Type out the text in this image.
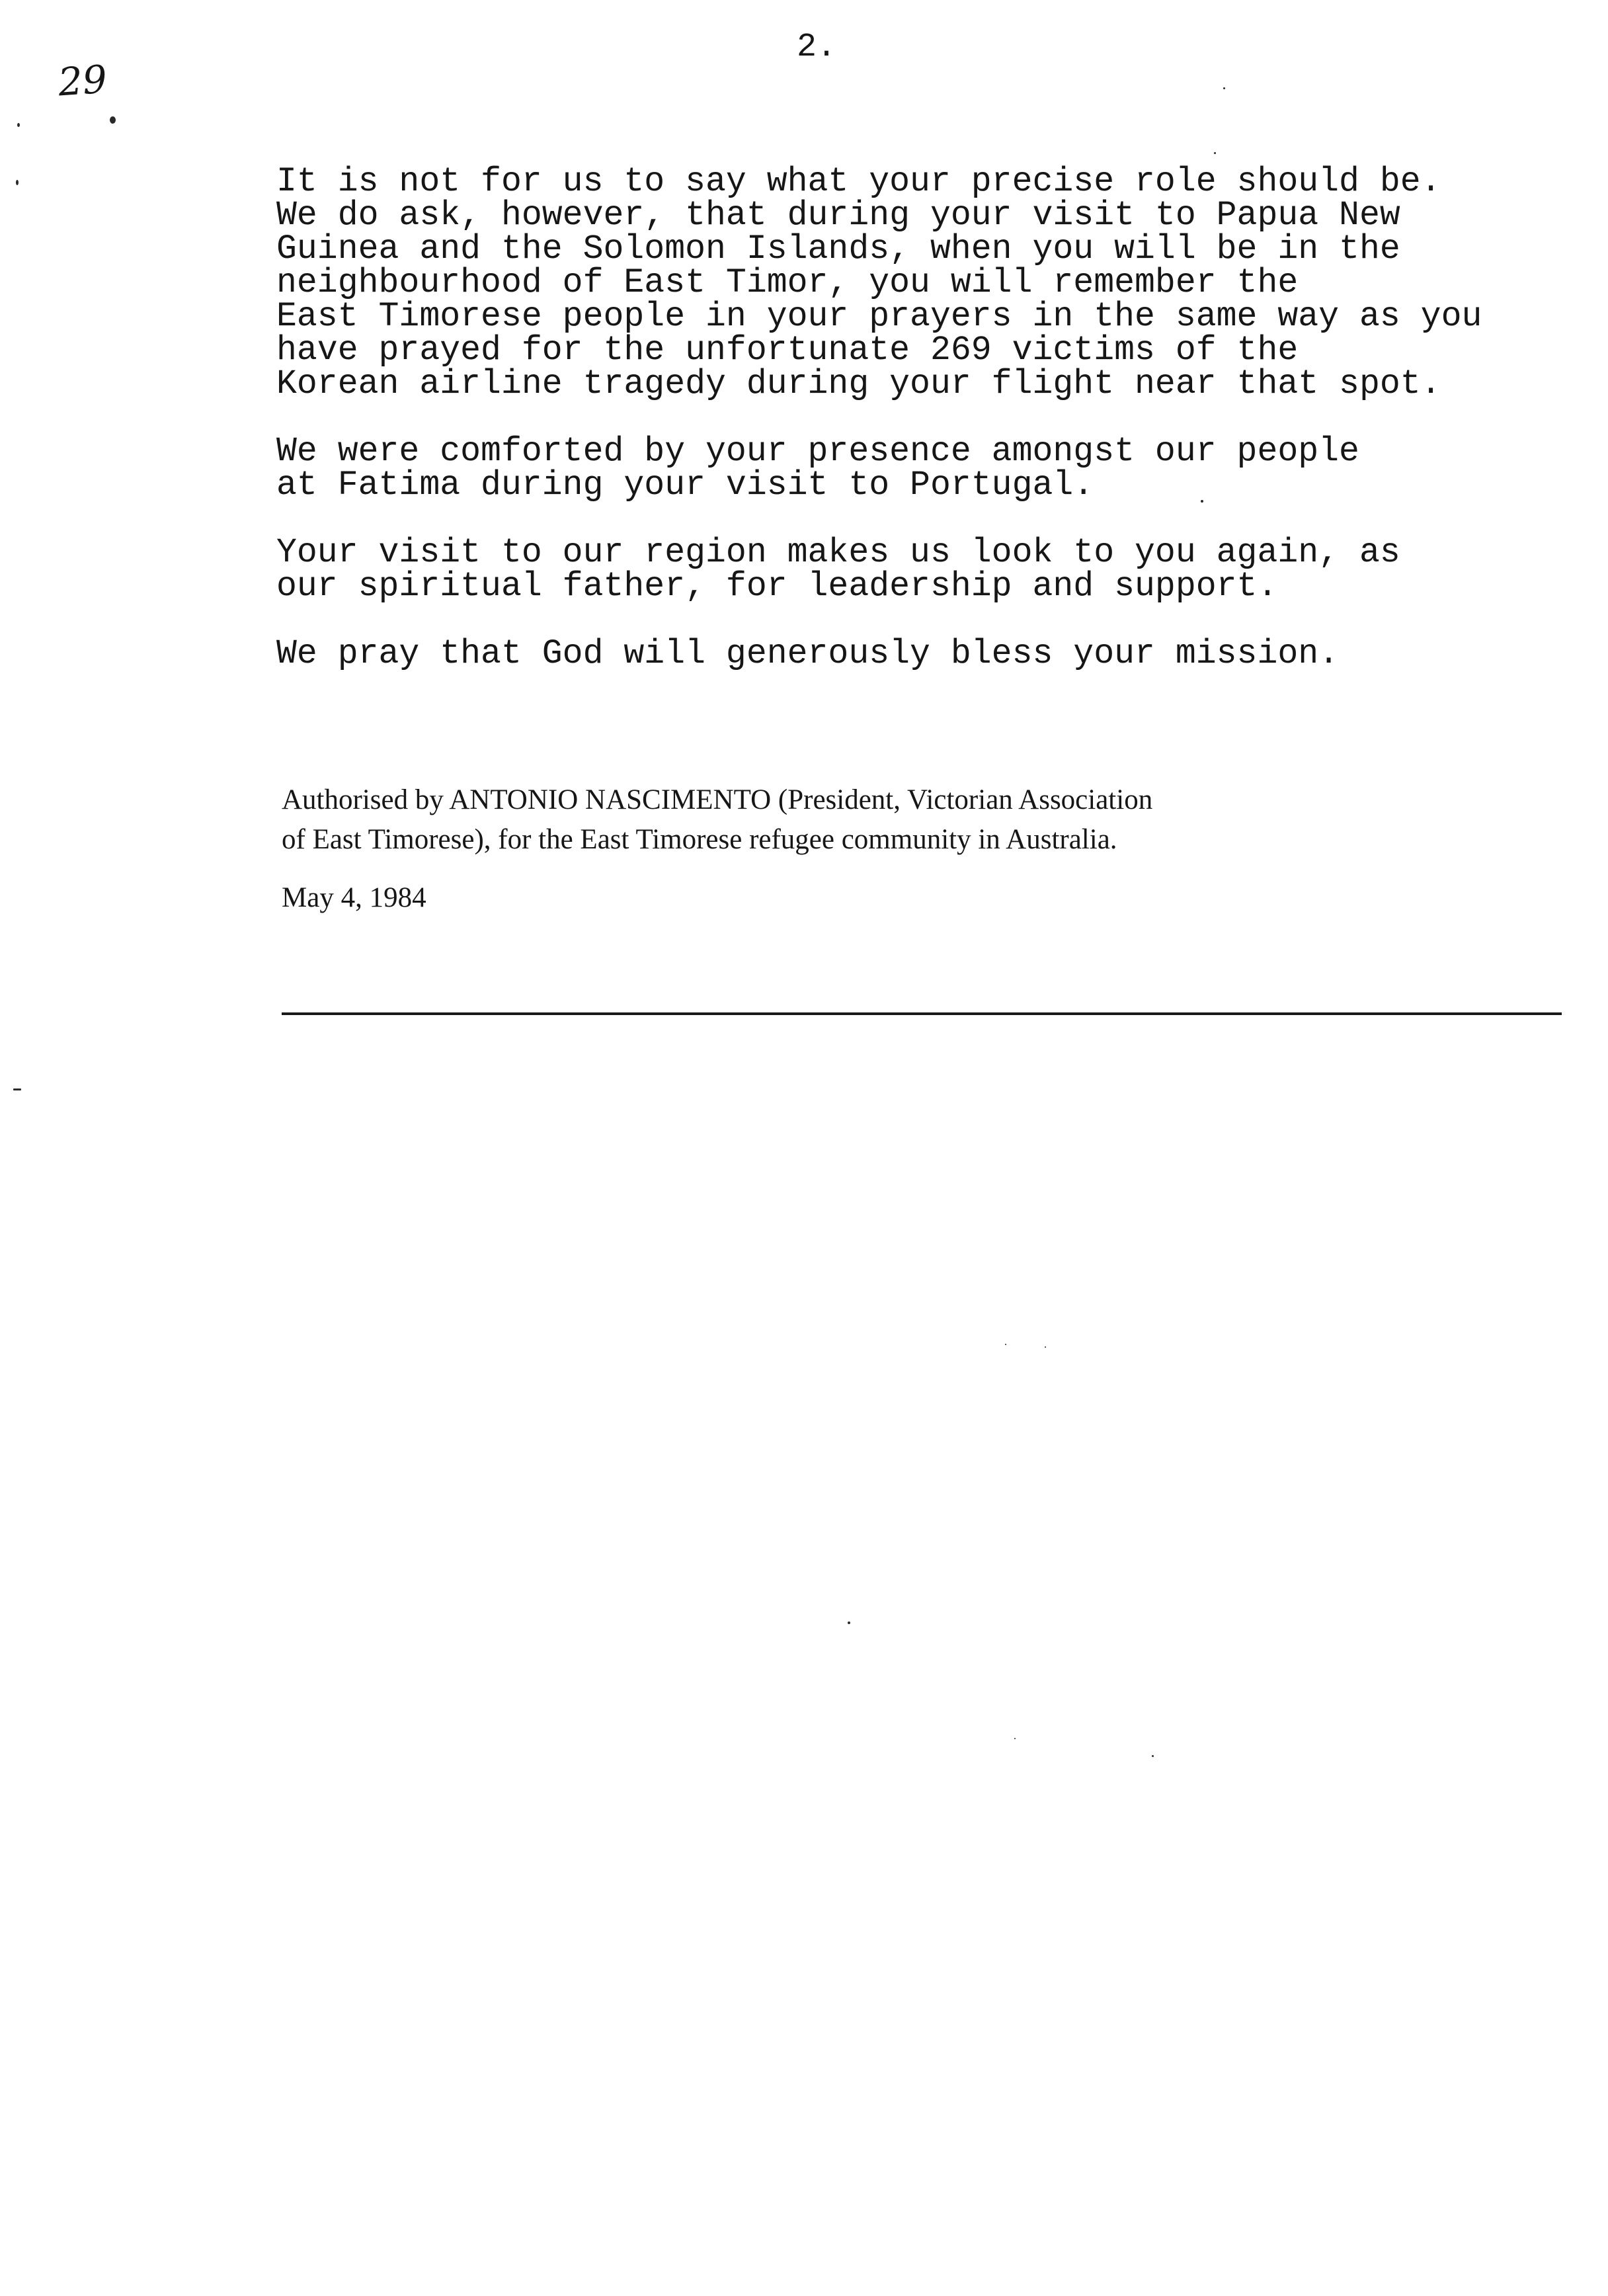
2.
29
It is not for us to say what your precise role should be.
We do ask, however, that during your visit to Papua New
Guinea and the Solomon Islands, when you will be in the
neighbourhood of East Timor, you will remember the
East Timorese people in your prayers in the same way as you
have prayed for the unfortunate 269 victims of the
Korean airline tragedy during your flight near that spot.
We were comforted by your presence amongst our people
at Fatima during your visit to Portugal.
Your visit to our region makes us look to you again, as
our spiritual father, for leadership and support.
We pray that God will generously bless your mission.
Authorised by ANTONIO NASCIMENTO (President, Victorian Association
of East Timorese), for the East Timorese refugee community in Australia.
May 4, 1984
